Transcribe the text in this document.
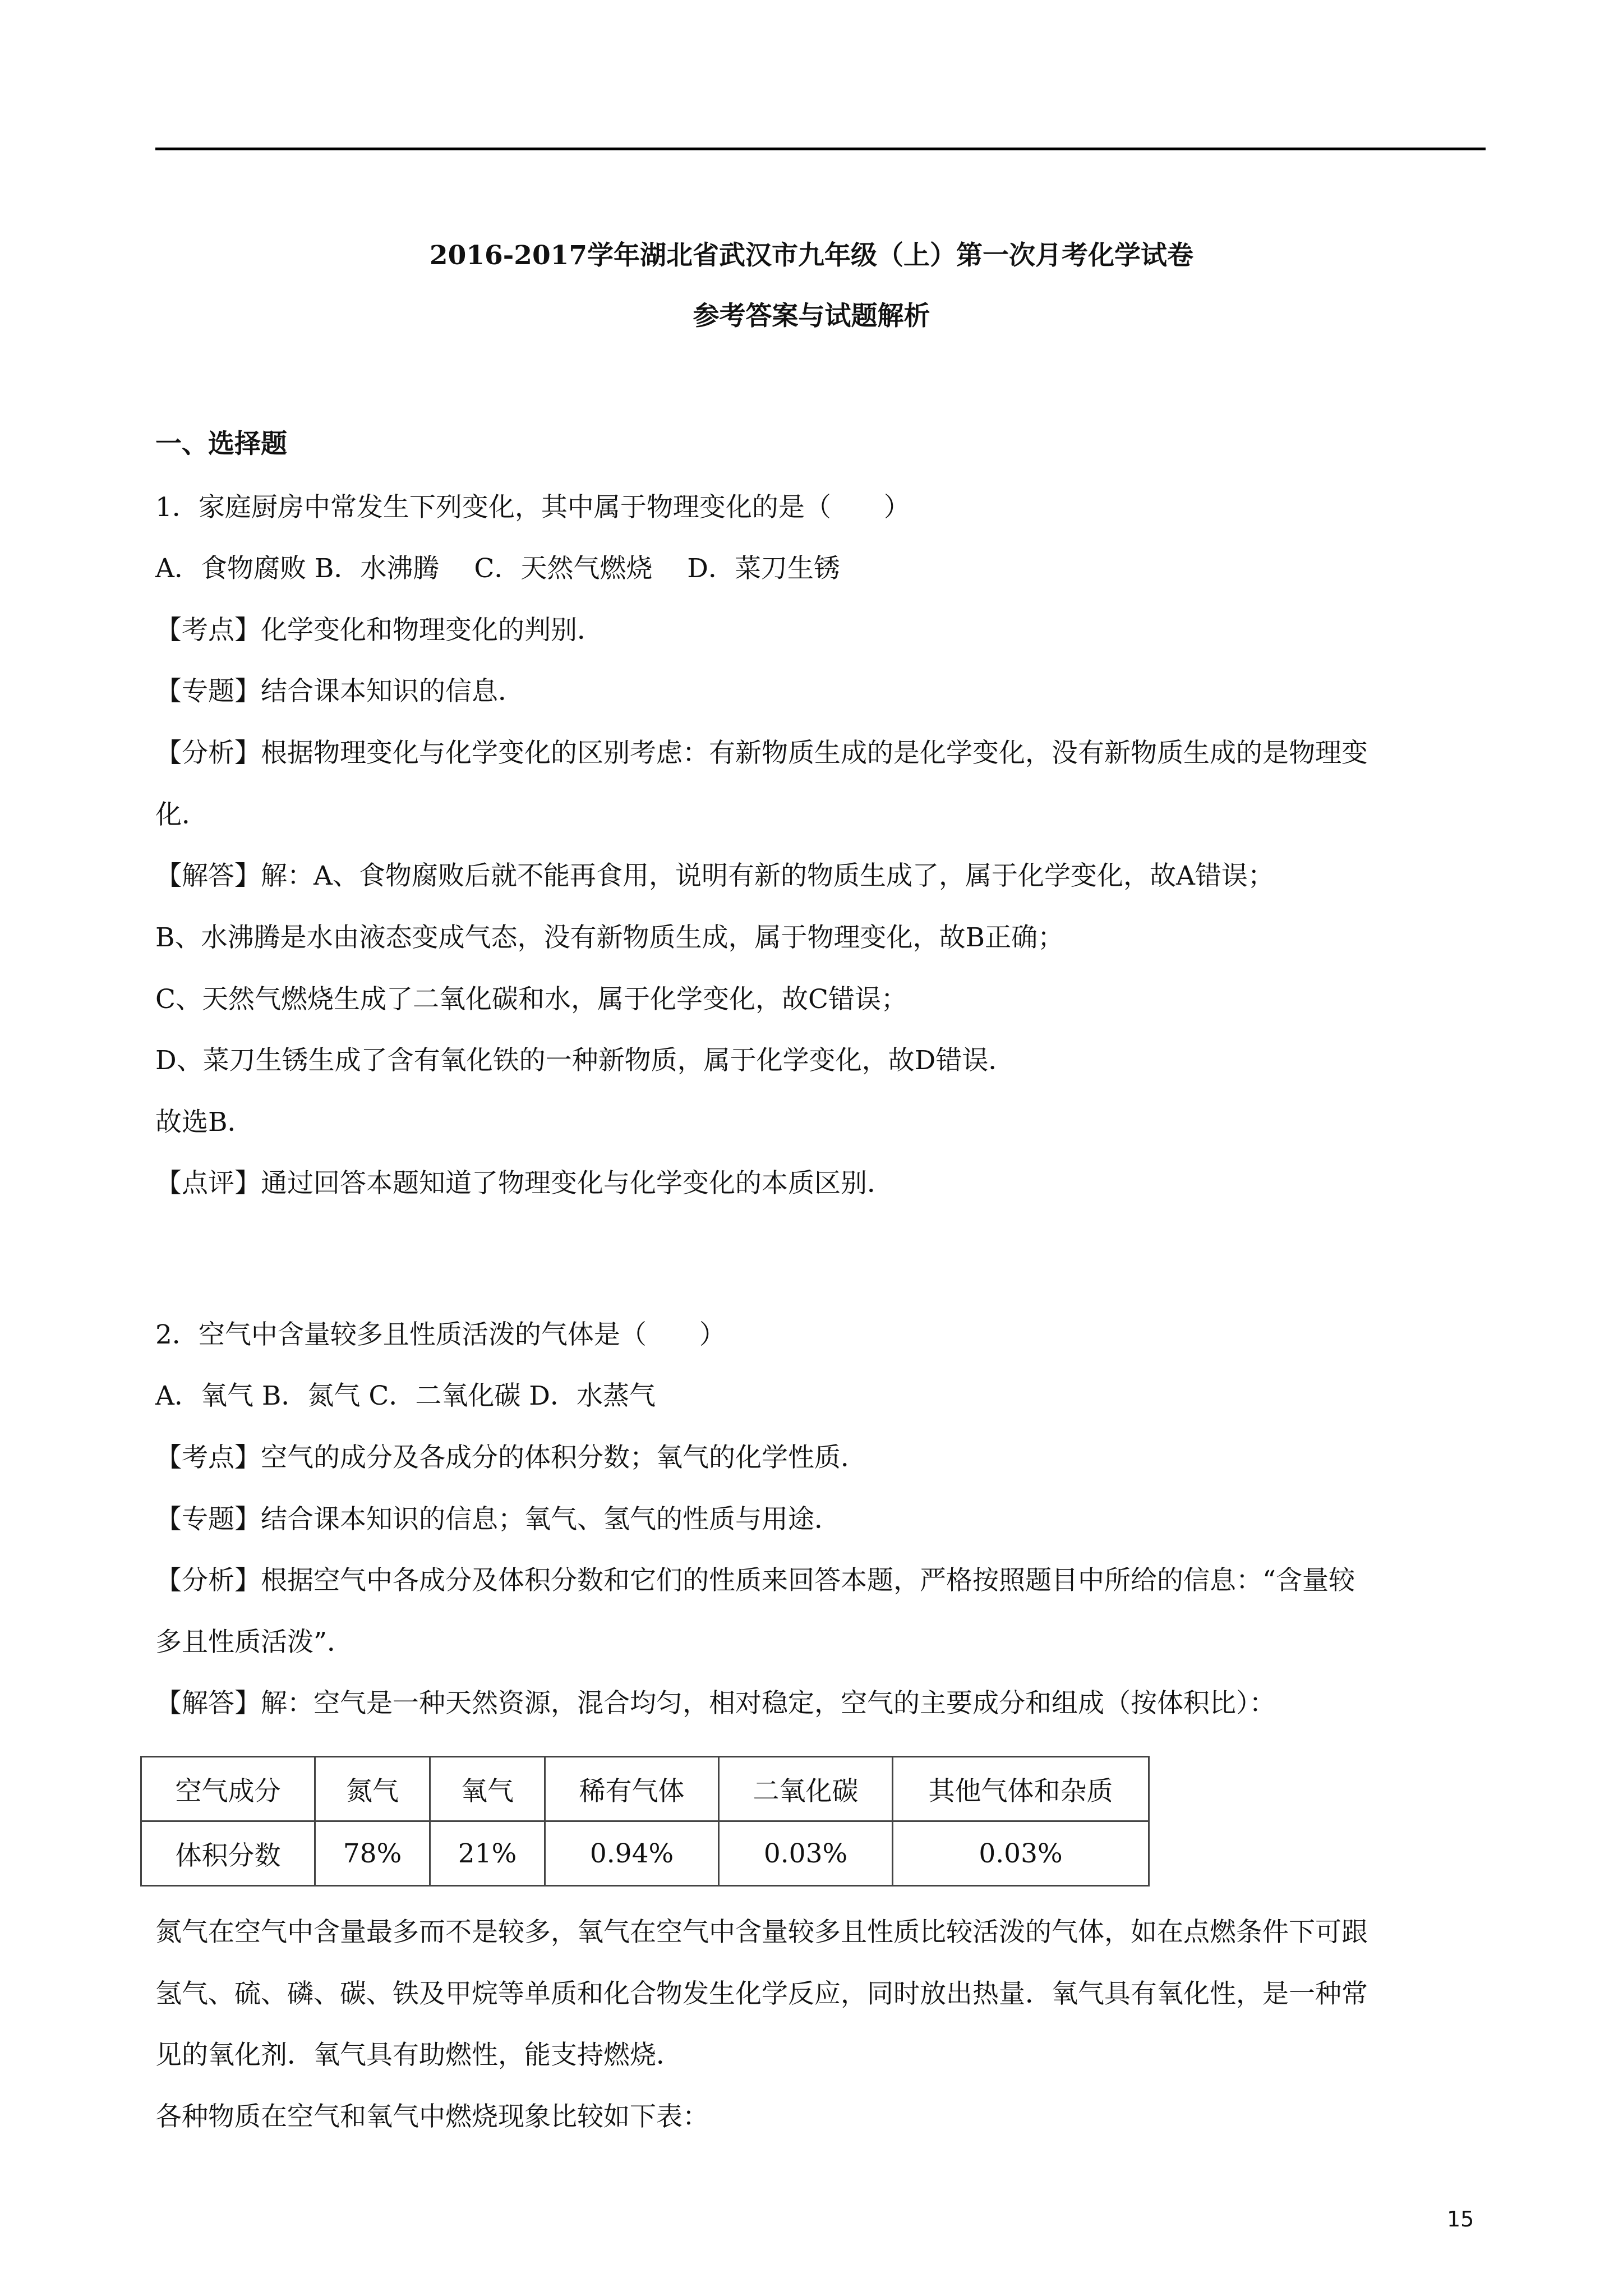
2016-2017学年湖北省武汉市九年级（上）第一次月考化学试卷
参考答案与试题解析
一、选择题
1．家庭厨房中常发生下列变化，其中属于物理变化的是（　　）
A．食物腐败 B．水沸腾　 C．天然气燃烧　 D．菜刀生锈
【考点】化学变化和物理变化的判别．
【专题】结合课本知识的信息．
【分析】根据物理变化与化学变化的区别考虑：有新物质生成的是化学变化，没有新物质生成的是物理变
化．
【解答】解：A、食物腐败后就不能再食用，说明有新的物质生成了，属于化学变化，故A错误；
B、水沸腾是水由液态变成气态，没有新物质生成，属于物理变化，故B正确；
C、天然气燃烧生成了二氧化碳和水，属于化学变化，故C错误；
D、菜刀生锈生成了含有氧化铁的一种新物质，属于化学变化，故D错误．
故选B．
【点评】通过回答本题知道了物理变化与化学变化的本质区别．
2．空气中含量较多且性质活泼的气体是（　　）
A．氧气 B．氮气 C．二氧化碳 D．水蒸气
【考点】空气的成分及各成分的体积分数；氧气的化学性质．
【专题】结合课本知识的信息；氧气、氢气的性质与用途．
【分析】根据空气中各成分及体积分数和它们的性质来回答本题，严格按照题目中所给的信息：“含量较
多且性质活泼”．
【解答】解：空气是一种天然资源，混合均匀，相对稳定，空气的主要成分和组成（按体积比）：
空气成分	氮气	氧气	稀有气体	二氧化碳	其他气体和杂质
体积分数	78%	21%	0.94%	0.03%	0.03%
氮气在空气中含量最多而不是较多，氧气在空气中含量较多且性质比较活泼的气体，如在点燃条件下可跟
氢气、硫、磷、碳、铁及甲烷等单质和化合物发生化学反应，同时放出热量．氧气具有氧化性，是一种常
见的氧化剂．氧气具有助燃性，能支持燃烧．
各种物质在空气和氧气中燃烧现象比较如下表：
15
